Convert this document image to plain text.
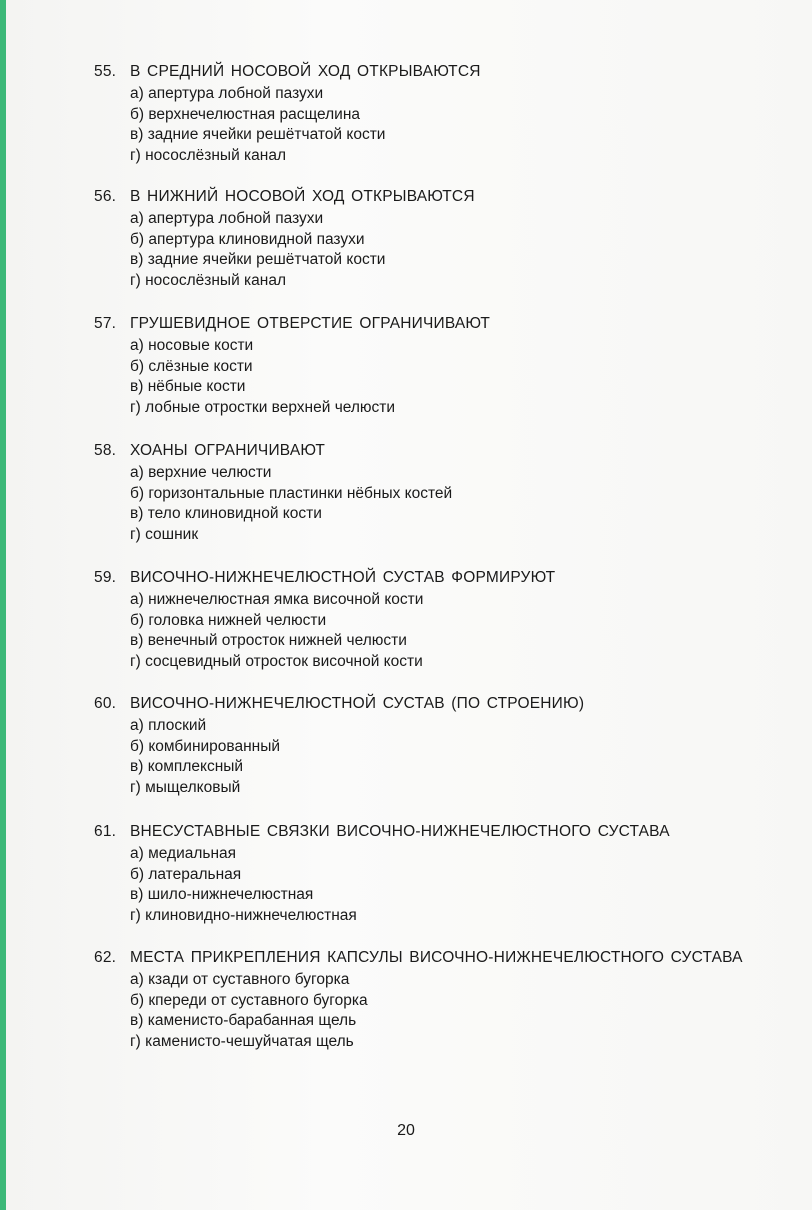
55. В СРЕДНИЙ НОСОВОЙ ХОД ОТКРЫВАЮТСЯ
а) апертура лобной пазухи
б) верхнечелюстная расщелина
в) задние ячейки решётчатой кости
г) носослёзный канал
56. В НИЖНИЙ НОСОВОЙ ХОД ОТКРЫВАЮТСЯ
а) апертура лобной пазухи
б) апертура клиновидной пазухи
в) задние ячейки решётчатой кости
г) носослёзный канал
57. ГРУШЕВИДНОЕ ОТВЕРСТИЕ ОГРАНИЧИВАЮТ
а) носовые кости
б) слёзные кости
в) нёбные кости
г) лобные отростки верхней челюсти
58. ХОАНЫ ОГРАНИЧИВАЮТ
а) верхние челюсти
б) горизонтальные пластинки нёбных костей
в) тело клиновидной кости
г) сошник
59. ВИСОЧНО-НИЖНЕЧЕЛЮСТНОЙ СУСТАВ ФОРМИРУЮТ
а) нижнечелюстная ямка височной кости
б) головка нижней челюсти
в) венечный отросток нижней челюсти
г) сосцевидный отросток височной кости
60. ВИСОЧНО-НИЖНЕЧЕЛЮСТНОЙ СУСТАВ (ПО СТРОЕНИЮ)
а) плоский
б) комбинированный
в) комплексный
г) мыщелковый
61. ВНЕСУСТАВНЫЕ СВЯЗКИ ВИСОЧНО-НИЖНЕЧЕЛЮСТНОГО СУСТАВА
а) медиальная
б) латеральная
в) шило-нижнечелюстная
г) клиновидно-нижнечелюстная
62. МЕСТА ПРИКРЕПЛЕНИЯ КАПСУЛЫ ВИСОЧНО-НИЖНЕЧЕЛЮСТНОГО СУСТАВА
а) кзади от суставного бугорка
б) кпереди от суставного бугорка
в) каменисто-барабанная щель
г) каменисто-чешуйчатая щель
20
